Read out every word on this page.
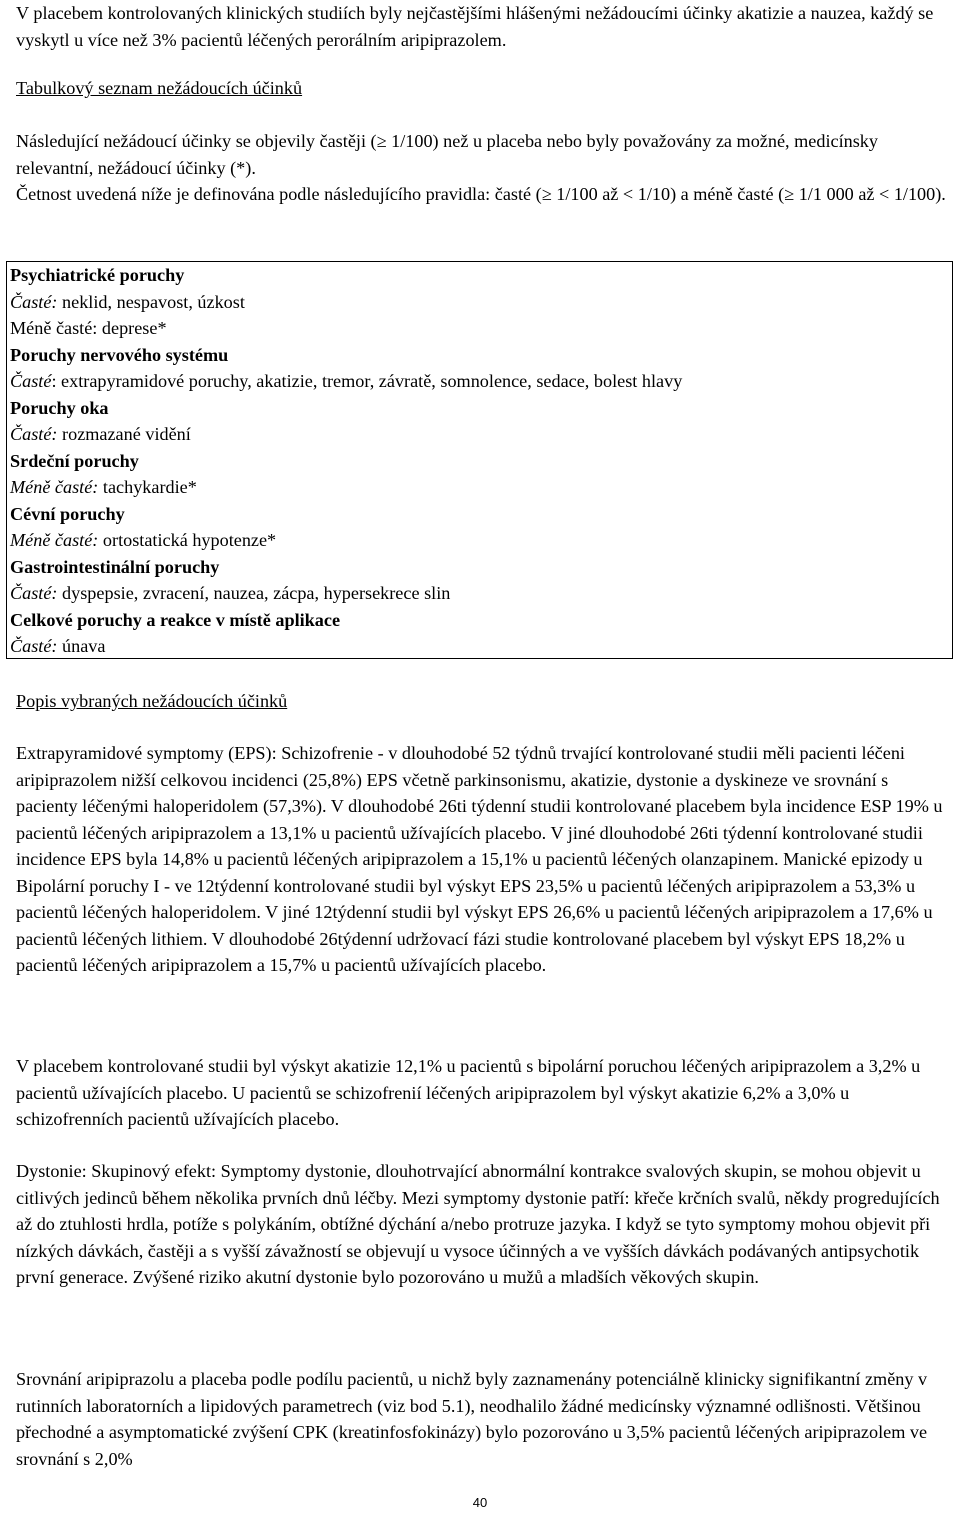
V placebem kontrolovaných klinických studiích byly nejčastějšími hlášenými nežádoucími účinky akatizie a nauzea, každý se vyskytl u více než 3% pacientů léčených perorálním aripiprazolem.

Tabulkový seznam nežádoucích účinků

Následující nežádoucí účinky se objevily častěji (≥ 1/100) než u placeba nebo byly považovány za možné, medicínsky relevantní, nežádoucí účinky (*).

Četnost uvedená níže je definována podle následujícího pravidla: časté (≥ 1/100 až < 1/10) a méně časté (≥ 1/1 000 až < 1/100).

Psychiatrické poruchy
Časté: neklid, nespavost, úzkost
Méně časté: deprese*
Poruchy nervového systému
Časté: extrapyramidové poruchy, akatizie, tremor, závratě, somnolence, sedace, bolest hlavy
Poruchy oka
Časté: rozmazané vidění
Srdeční poruchy
Méně časté: tachykardie*
Cévní poruchy
Méně časté: ortostatická hypotenze*
Gastrointestinální poruchy
Časté: dyspepsie, zvracení, nauzea, zácpa, hypersekrece slin
Celkové poruchy a reakce v místě aplikace
Časté: únava

Popis vybraných nežádoucích účinků

Extrapyramidové symptomy (EPS): Schizofrenie - v dlouhodobé 52 týdnů trvající kontrolované studii měli pacienti léčeni aripiprazolem nižší celkovou incidenci (25,8%) EPS včetně parkinsonismu, akatizie, dystonie a dyskineze ve srovnání s pacienty léčenými haloperidolem (57,3%). V dlouhodobé 26ti týdenní studii kontrolované placebem byla incidence ESP 19% u pacientů léčených aripiprazolem a 13,1% u pacientů užívajících placebo. V jiné dlouhodobé 26ti týdenní kontrolované studii incidence EPS byla 14,8% u pacientů léčených aripiprazolem a 15,1% u pacientů léčených olanzapinem. Manické epizody u Bipolární poruchy I - ve 12týdenní kontrolované studii byl výskyt EPS 23,5% u pacientů léčených aripiprazolem a 53,3% u pacientů léčených haloperidolem. V jiné 12týdenní studii byl výskyt EPS 26,6% u pacientů léčených aripiprazolem a 17,6% u pacientů léčených lithiem. V dlouhodobé 26týdenní udržovací fázi studie kontrolované placebem byl výskyt EPS 18,2% u pacientů léčených aripiprazolem a 15,7% u pacientů užívajících placebo.

V placebem kontrolované studii byl výskyt akatizie 12,1% u pacientů s bipolární poruchou léčených aripiprazolem a 3,2% u pacientů užívajících placebo. U pacientů se schizofrenií léčených aripiprazolem byl výskyt akatizie 6,2% a 3,0% u schizofrenních pacientů užívajících placebo.

Dystonie: Skupinový efekt: Symptomy dystonie, dlouhotrvající abnormální kontrakce svalových skupin, se mohou objevit u citlivých jedinců během několika prvních dnů léčby. Mezi symptomy dystonie patří: křeče krčních svalů, někdy progredujících až do ztuhlosti hrdla, potíže s polykáním, obtížné dýchání a/nebo protruze jazyka. I když se tyto symptomy mohou objevit při nízkých dávkách, častěji a s vyšší závažností se objevují u vysoce účinných a ve vyšších dávkách podávaných antipsychotik první generace. Zvýšené riziko akutní dystonie bylo pozorováno u mužů a mladších věkových skupin.

Srovnání aripiprazolu a placeba podle podílu pacientů, u nichž byly zaznamenány potenciálně klinicky signifikantní změny v rutinních laboratorních a lipidových parametrech (viz bod 5.1), neodhalilo žádné medicínsky významné odlišnosti. Většinou přechodné a asymptomatické zvýšení CPK (kreatinfosfokinázy) bylo pozorováno u 3,5% pacientů léčených aripiprazolem ve srovnání s 2,0%

40
